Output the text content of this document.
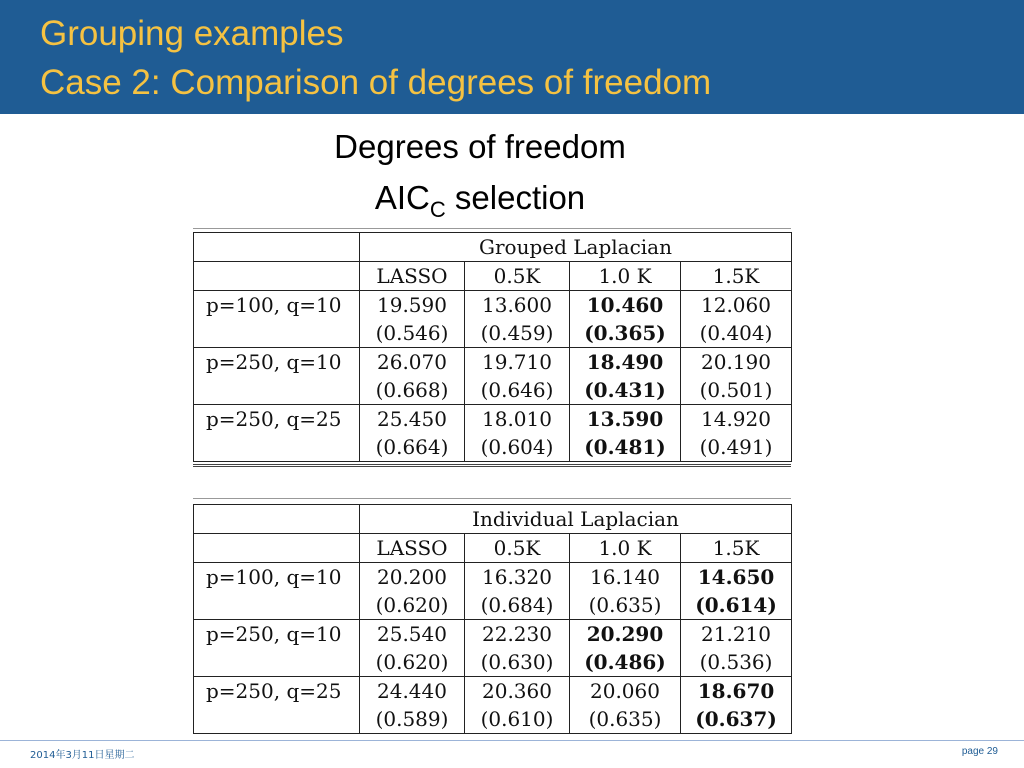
Grouping examples
Case 2: Comparison of degrees of freedom
Degrees of freedom
$AIC_C$ selection
	Grouped Laplacian			
	LASSO	0.5K	1.0 K	1.5K
p=100, q=10	19.590	13.600	10.460	12.060
	(0.546)	(0.459)	(0.365)	(0.404)
p=250, q=10	26.070	19.710	18.490	20.190
	(0.668)	(0.646)	(0.431)	(0.501)
p=250, q=25	25.450	18.010	13.590	14.920
	(0.664)	(0.604)	(0.481)	(0.491)
	Individual Laplacian			
	LASSO	0.5K	1.0 K	1.5K
p=100, q=10	20.200	16.320	16.140	14.650
	(0.620)	(0.684)	(0.635)	(0.614)
p=250, q=10	25.540	22.230	20.290	21.210
	(0.620)	(0.630)	(0.486)	(0.536)
p=250, q=25	24.440	20.360	20.060	18.670
	(0.589)	(0.610)	(0.635)	(0.637)
2014年3月11日星期二	page 29
